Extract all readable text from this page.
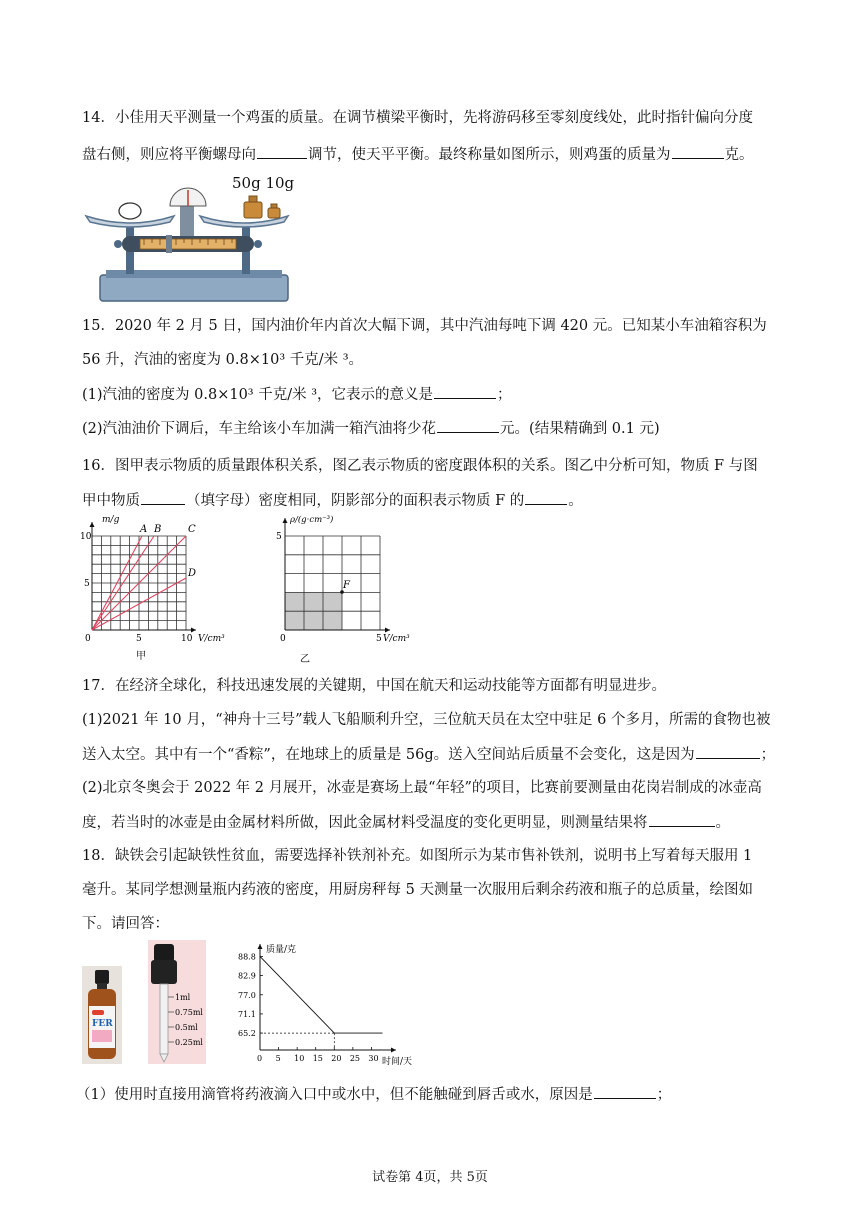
14．小佳用天平测量一个鸡蛋的质量。在调节横梁平衡时，先将游码移至零刻度线处，此时指针偏向分度
盘右侧，则应将平衡螺母向	调节，使天平平衡。最终称量如图所示，则鸡蛋的质量为	克。
50g 10g
15．2020 年 2 月 5 日，国内油价年内首次大幅下调，其中汽油每吨下调 420 元。已知某小车油箱容积为
56 升，汽油的密度为 0.8×10³ 千克/米 ³。
(1)汽油的密度为 0.8×10³ 千克/米 ³，它表示的意义是	；
(2)汽油油价下调后，车主给该小车加满一箱汽油将少花	元。(结果精确到 0.1 元)
16．图甲表示物质的质量跟体积关系，图乙表示物质的密度跟体积的关系。图乙中分析可知，物质 F 与图
甲中物质	（填字母）密度相同，阴影部分的面积表示物质 F 的	。
A B	C
D
m/g
10
5
0	5	10 V/cm³
甲
F
ρ/(g·cm⁻³)
5
0	5 V/cm³
乙
17．在经济全球化，科技迅速发展的关键期，中国在航天和运动技能等方面都有明显进步。
(1)2021 年 10 月，“神舟十三号”载人飞船顺利升空，三位航天员在太空中驻足 6 个多月，所需的食物也被
送入太空。其中有一个“香粽”，在地球上的质量是 56g。送入空间站后质量不会变化，这是因为	；
(2)北京冬奥会于 2022 年 2 月展开，冰壶是赛场上最“年轻”的项目，比赛前要测量由花岗岩制成的冰壶高
度，若当时的冰壶是由金属材料所做，因此金属材料受温度的变化更明显，则测量结果将	。
18．缺铁会引起缺铁性贫血，需要选择补铁剂补充。如图所示为某市售补铁剂，说明书上写着每天服用 1
毫升。某同学想测量瓶内药液的密度，用厨房秤每 5 天测量一次服用后剩余药液和瓶子的总质量，绘图如
下。请回答：
FER
1ml
0.75ml
0.5ml
0.25ml
质量/克
时间/天
88.8
82.9
77.0
71.1
65.2
0 5 10 15 20 25 30
（1）使用时直接用滴管将药液滴入口中或水中，但不能触碰到唇舌或水，原因是	；
试卷第 4页，共 5页
